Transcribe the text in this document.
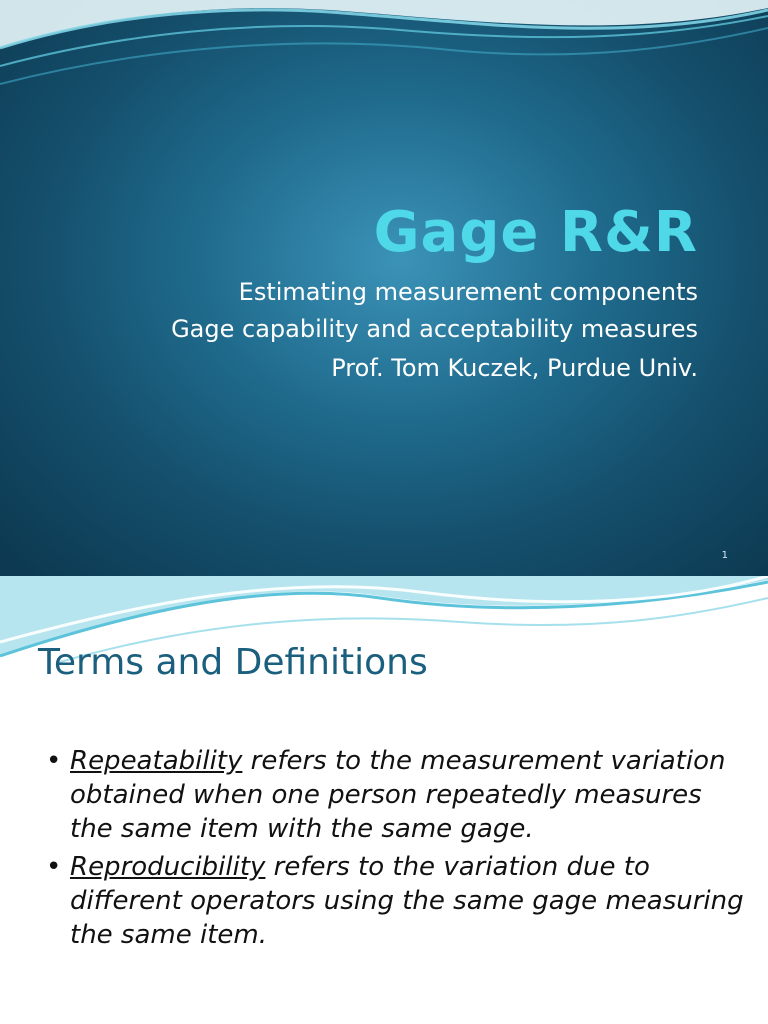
Gage R&R
Estimating measurement components
Gage capability and acceptability measures
Prof. Tom Kuczek, Purdue Univ.
1
Terms and Definitions
• Repeatability refers to the measurement variation obtained when one person repeatedly measures the same item with the same gage.
• Reproducibility refers to the variation due to different operators using the same gage measuring the same item.
